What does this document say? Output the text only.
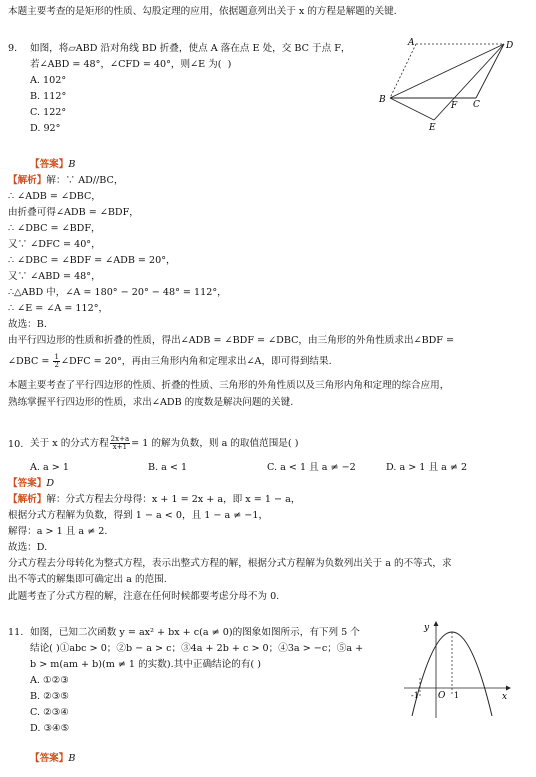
本题主要考查的是矩形的性质、勾股定理的应用，依据题意列出关于 x 的方程是解题的关键.
9. 如图，将▱ABD 沿对角线 BD 折叠，使点 A 落在点 E 处，交 BC 于点 F，
若∠ABD = 48°，∠CFD = 40°，则∠E 为( )
A. 102°
B. 112°
C. 122°
D. 92°
A	D
B
F C
E
【答案】B
【解析】解：∵ AD//BC，
∴ ∠ADB = ∠DBC，
由折叠可得∠ADB = ∠BDF，
∴ ∠DBC = ∠BDF，
又∵ ∠DFC = 40°，
∴ ∠DBC = ∠BDF = ∠ADB = 20°，
又∵ ∠ABD = 48°，
∴△ABD 中，∠A = 180° − 20° − 48° = 112°，
∴ ∠E = ∠A = 112°，
故选：B.
由平行四边形的性质和折叠的性质，得出∠ADB = ∠BDF = ∠DBC，由三角形的外角性质求出∠BDF =
∠DBC = $\frac{1}{2}$ ∠DFC = 20°，再由三角形内角和定理求出∠A，即可得到结果.
本题主要考查了平行四边形的性质、折叠的性质、三角形的外角性质以及三角形内角和定理的综合应用，
熟练掌握平行四边形的性质，求出∠ADB 的度数是解决问题的关键.
10. 关于 x 的分式方程 $\frac{2x+a}{x+1} = 1$ 的解为负数，则 a 的取值范围是( )
A. a > 1	B. a < 1	C. a < 1 且 a ≠ −2	D. a > 1 且 a ≠ 2
【答案】D
【解析】解：分式方程去分母得：x + 1 = 2x + a，即 x = 1 − a，
根据分式方程解为负数，得到 1 − a < 0，且 1 − a ≠ −1，
解得：a > 1 且 a ≠ 2.
故选：D.
分式方程去分母转化为整式方程，表示出整式方程的解，根据分式方程解为负数列出关于 a 的不等式，求
出不等式的解集即可确定出 a 的范围.
此题考查了分式方程的解，注意在任何时候都要考虑分母不为 0.
11. 如图，已知二次函数 y = ax² + bx + c(a ≠ 0)的图象如图所示，有下列 5 个
结论( )①abc > 0；②b − a > c；③4a + 2b + c > 0；④3a > −c；⑤a +
b > m(am + b)(m ≠ 1 的实数).其中正确结论的有( )
A. ①②③
B. ②③⑤
C. ②③④
D. ③④⑤
y
x
O
-1	1
【答案】B
